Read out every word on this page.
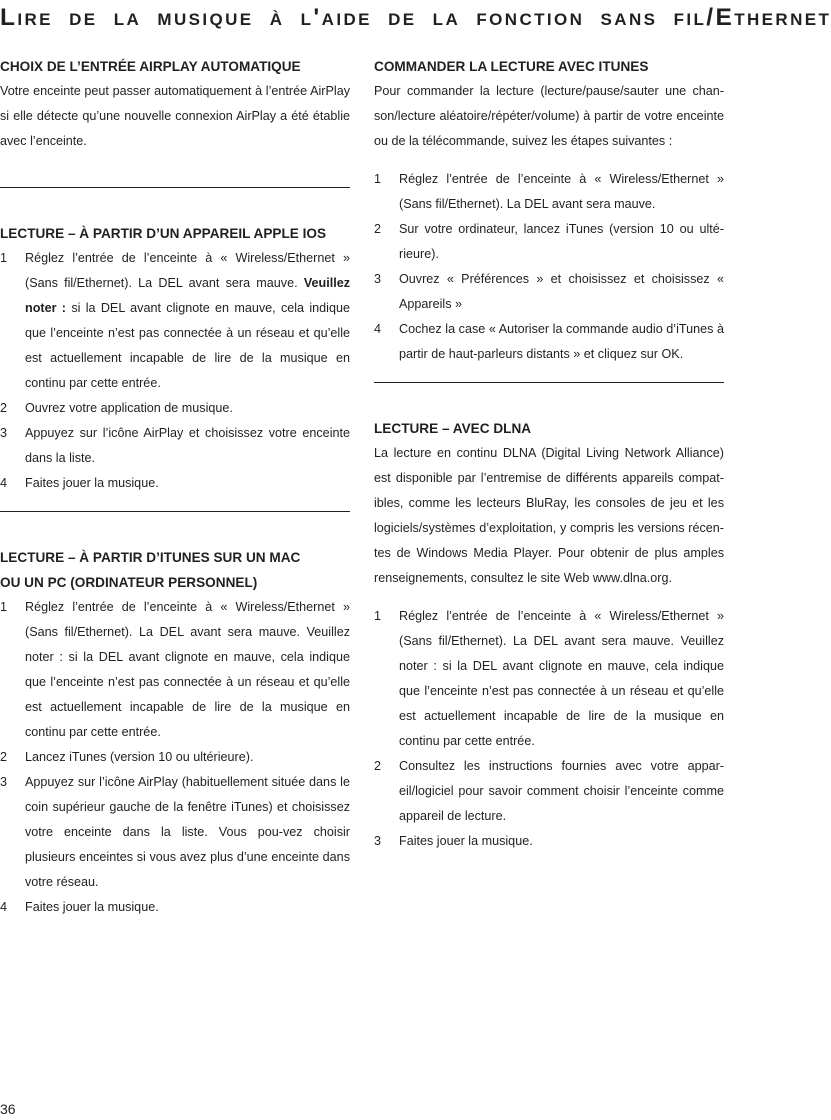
Lire de la musique à l'aide de la fonction sans fil/Ethernet
CHOIX DE L’ENTRÉE AIRPLAY AUTOMATIQUE

Votre enceinte peut passer automatiquement à l’entrée AirPlay si elle détecte qu’une nouvelle connexion AirPlay a été établie avec l’enceinte.

LECTURE – À PARTIR D’UN APPAREIL APPLE IOS
1 Réglez l’entrée de l’enceinte à « Wireless/Ethernet » (Sans fil/Ethernet). La DEL avant sera mauve. Veuillez noter : si la DEL avant clignote en mauve, cela indique que l’enceinte n’est pas connectée à un réseau et qu’elle est actuellement incapable de lire de la musique en continu par cette entrée.
2 Ouvrez votre application de musique.
3 Appuyez sur l’icône AirPlay et choisissez votre enceinte dans la liste.
4 Faites jouer la musique.
LECTURE – À PARTIR D’ITUNES SUR UN MAC
OU UN PC (ORDINATEUR PERSONNEL)
1 Réglez l’entrée de l’enceinte à « Wireless/Ethernet » (Sans fil/Ethernet). La DEL avant sera mauve. Veuillez noter : si la DEL avant clignote en mauve, cela indique que l’enceinte n’est pas connectée à un réseau et qu’elle est actuellement incapable de lire de la musique en continu par cette entrée.
2 Lancez iTunes (version 10 ou ultérieure).
3 Appuyez sur l’icône AirPlay (habituellement située dans le coin supérieur gauche de la fenêtre iTunes) et choisissez votre enceinte dans la liste. Vous pou-vez choisir plusieurs enceintes si vous avez plus d’une enceinte dans votre réseau.
4 Faites jouer la musique.
COMMANDER LA LECTURE AVEC ITUNES

Pour commander la lecture (lecture/pause/sauter une chan-son/lecture aléatoire/répéter/volume) à partir de votre enceinte ou de la télécommande, suivez les étapes suivantes :

1 Réglez l’entrée de l’enceinte à « Wireless/Ethernet » (Sans fil/Ethernet). La DEL avant sera mauve.
2 Sur votre ordinateur, lancez iTunes (version 10 ou ulté-rieure).
3 Ouvrez « Préférences » et choisissez et choisissez « Appareils »
4 Cochez la case « Autoriser la commande audio d’iTunes à partir de haut-parleurs distants » et cliquez sur OK.
LECTURE – AVEC DLNA

La lecture en continu DLNA (Digital Living Network Alliance) est disponible par l’entremise de différents appareils compat-ibles, comme les lecteurs BluRay, les consoles de jeu et les logiciels/systèmes d’exploitation, y compris les versions récen-tes de Windows Media Player. Pour obtenir de plus amples renseignements, consultez le site Web www.dlna.org.

1 Réglez l’entrée de l’enceinte à « Wireless/Ethernet » (Sans fil/Ethernet). La DEL avant sera mauve. Veuillez noter : si la DEL avant clignote en mauve, cela indique que l’enceinte n’est pas connectée à un réseau et qu’elle est actuellement incapable de lire de la musique en continu par cette entrée.
2 Consultez les instructions fournies avec votre appar-eil/logiciel pour savoir comment choisir l’enceinte comme appareil de lecture.
3 Faites jouer la musique.
36
